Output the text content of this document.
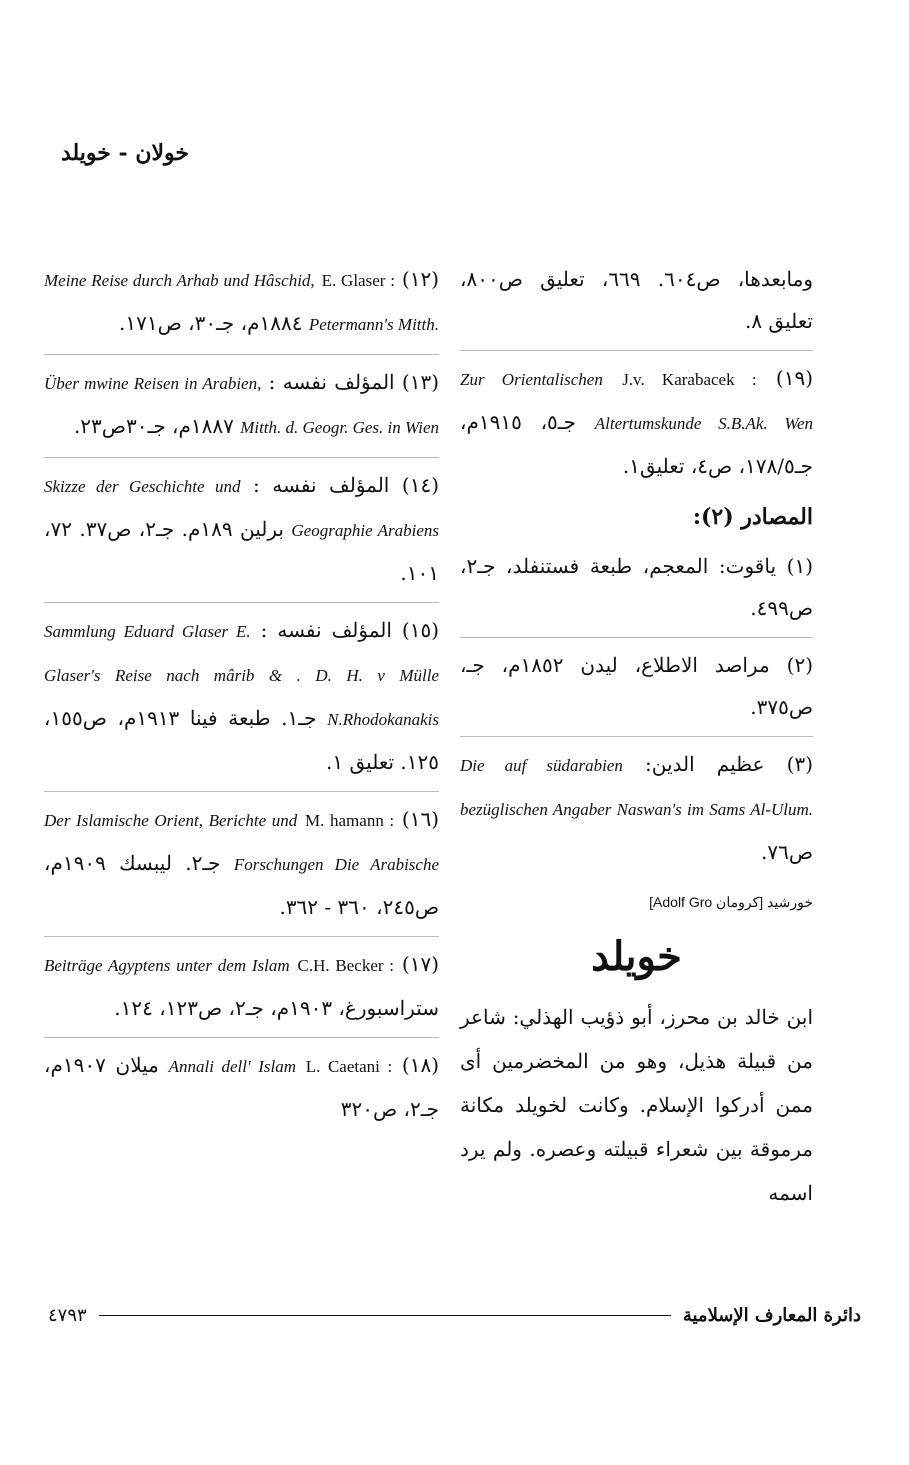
خولان - خويلد
(١٢) E. Glaser : Meine Reise durch Arhab und Hâschid, Petermann's Mitth. ١٨٨٤م، جـ٣٠، ص١٧١.
(١٣) المؤلف نفسه : Über mwine Reisen in Arabien, Mitth. d. Geogr. Ges. in Wien ١٨٨٧م، جـ٣٠ص٢٣.
(١٤) المؤلف نفسه : Skizze der Geschichte und Geographie Arabiens برلين ١٨٩م. جـ٢، ص٣٧. ٧٢، ١٠١.
(١٥) المؤلف نفسه : Sammlung Eduard Glaser E. Glaser's Reise nach mârib & . D. H. v Mülle N.Rhodokanakis جـ١. طبعة فينا ١٩١٣م، ص١٥٥، ١٢٥. تعليق ١.
(١٦) M. hamann : Der Islamische Orient, Berichte und Forschungen Die Arabische جـ٢. ليبسك ١٩٠٩م، ص٢٤٥، ٣٦٠ - ٣٦٢.
(١٧) C.H. Becker : Beiträge Agyptens unter dem Islam ستراسبورغ، ١٩٠٣م، جـ٢، ص١٢٣، ١٢٤.
(١٨) L. Caetani : Annali dell' Islam ميلان ١٩٠٧م، جـ٢، ص٣٢٠
ومابعدها، ص٦٠٤. ٦٦٩، تعليق ص٨٠٠، تعليق ٨.
(١٩) J.v. Karabacek : Zur Orientalischen Altertumskunde S.B.Ak. Wen جـ٥، ١٩١٥م، جـ١٧٨/٥، ص٤، تعليق١.
المصادر (٢):
(١) ياقوت: المعجم، طبعة فستنفلد، جـ٢، ص٤٩٩.
(٢) مراصد الاطلاع، ليدن ١٨٥٢م، جـ، ص٣٧٥.
(٣) عظيم الدين: Die auf südarabien bezüglischen Angaber Naswan's im Sams Al-Ulum. ص٧٦.
خورشيد [كرومان Adolf Gro]
خويلد
ابن خالد بن محرز، أبو ذؤيب الهذلي: شاعر من قبيلة هذيل، وهو من المخضرمين أى ممن أدركوا الإسلام. وكانت لخويلد مكانة مرموقة بين شعراء قبيلته وعصره. ولم يرد اسمه
دائرة المعارف الإسلامية
٤٧٩٣
